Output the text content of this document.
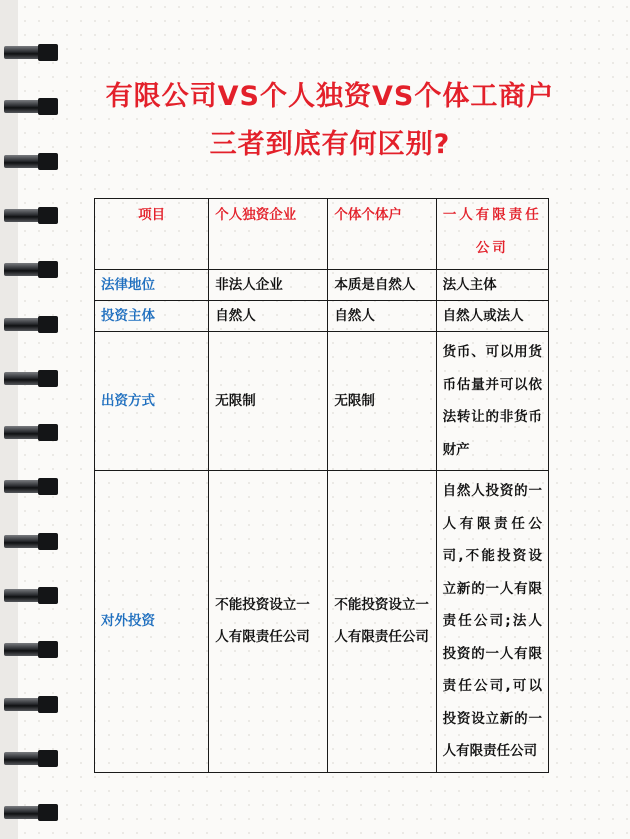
有限公司VS个人独资VS个体工商户
三者到底有何区别?
项目	个人独资企业	个体个体户	一人有限责任公司
法律地位	非法人企业	本质是自然人	法人主体
投资主体	自然人	自然人	自然人或法人
出资方式	无限制	无限制	货币、可以用货币估量并可以依法转让的非货币财产

对外投资	不能投资设立一人有限责任公司	不能投资设立一人有限责任公司	自然人投资的一人有限责任公司,不能投资设立新的一人有限责任公司;法人投资的一人有限责任公司,可以投资设立新的一人有限责任公司
